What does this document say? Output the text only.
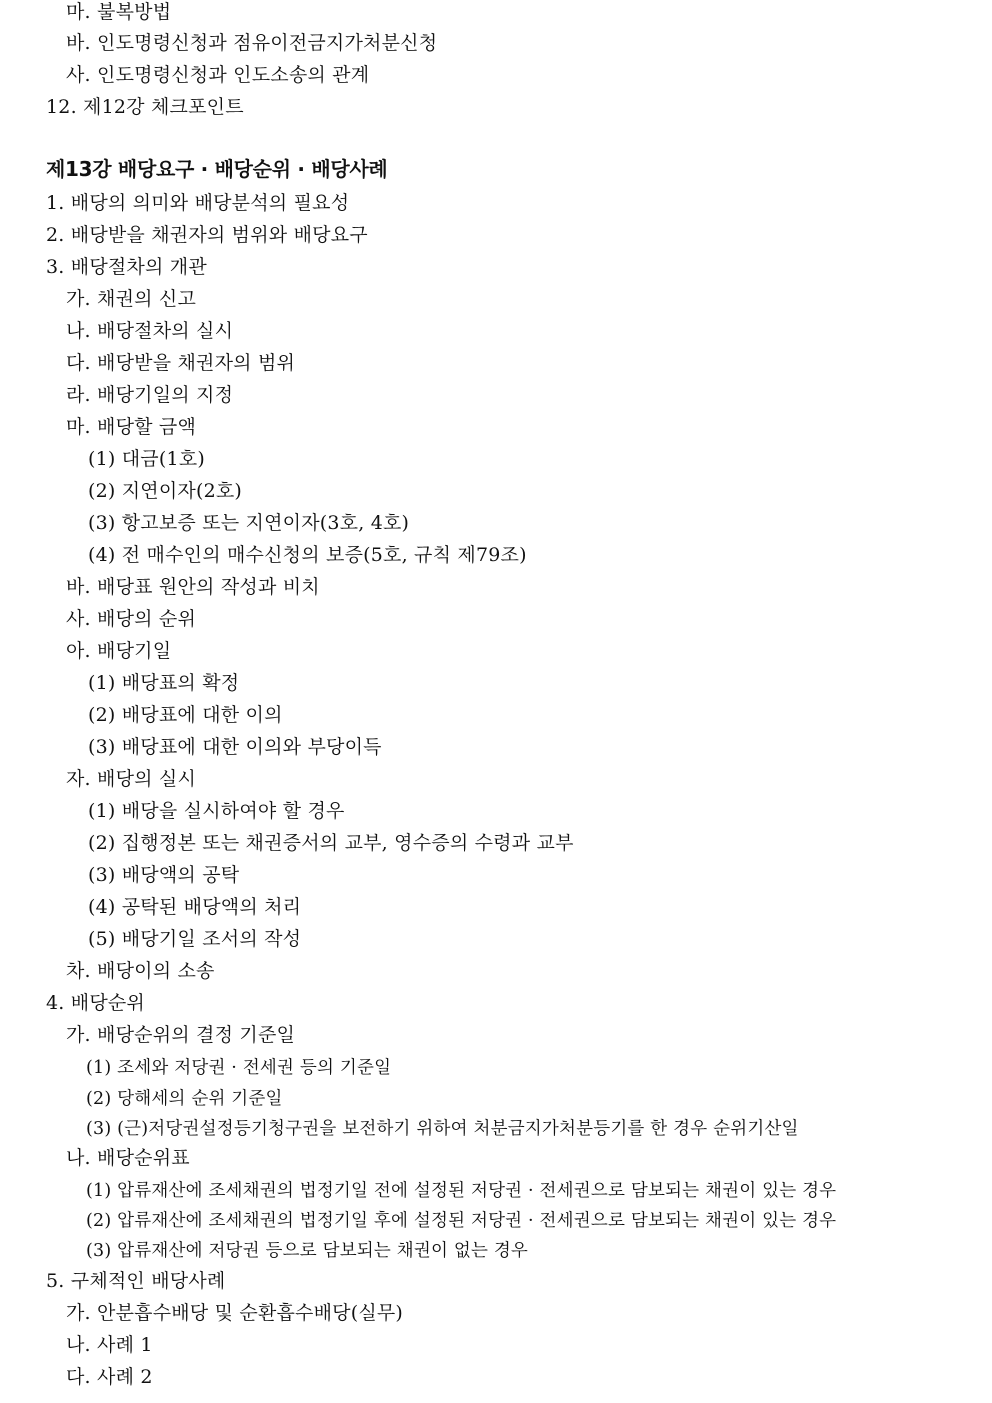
마. 불복방법
바. 인도명령신청과 점유이전금지가처분신청
사. 인도명령신청과 인도소송의 관계
12. 제12강 체크포인트
제13강 배당요구 · 배당순위 · 배당사례
1. 배당의 의미와 배당분석의 필요성
2. 배당받을 채권자의 범위와 배당요구
3. 배당절차의 개관
가. 채권의 신고
나. 배당절차의 실시
다. 배당받을 채권자의 범위
라. 배당기일의 지정
마. 배당할 금액
(1) 대금(1호)
(2) 지연이자(2호)
(3) 항고보증 또는 지연이자(3호, 4호)
(4) 전 매수인의 매수신청의 보증(5호, 규칙 제79조)
바. 배당표 원안의 작성과 비치
사. 배당의 순위
아. 배당기일
(1) 배당표의 확정
(2) 배당표에 대한 이의
(3) 배당표에 대한 이의와 부당이득
자. 배당의 실시
(1) 배당을 실시하여야 할 경우
(2) 집행정본 또는 채권증서의 교부, 영수증의 수령과 교부
(3) 배당액의 공탁
(4) 공탁된 배당액의 처리
(5) 배당기일 조서의 작성
차. 배당이의 소송
4. 배당순위
가. 배당순위의 결정 기준일
(1) 조세와 저당권 · 전세권 등의 기준일
(2) 당해세의 순위 기준일
(3) (근)저당권설정등기청구권을 보전하기 위하여 처분금지가처분등기를 한 경우 순위기산일
나. 배당순위표
(1) 압류재산에 조세채권의 법정기일 전에 설정된 저당권 · 전세권으로 담보되는 채권이 있는 경우
(2) 압류재산에 조세채권의 법정기일 후에 설정된 저당권 · 전세권으로 담보되는 채권이 있는 경우
(3) 압류재산에 저당권 등으로 담보되는 채권이 없는 경우
5. 구체적인 배당사례
가. 안분흡수배당 및 순환흡수배당(실무)
나. 사례 1
다. 사례 2
